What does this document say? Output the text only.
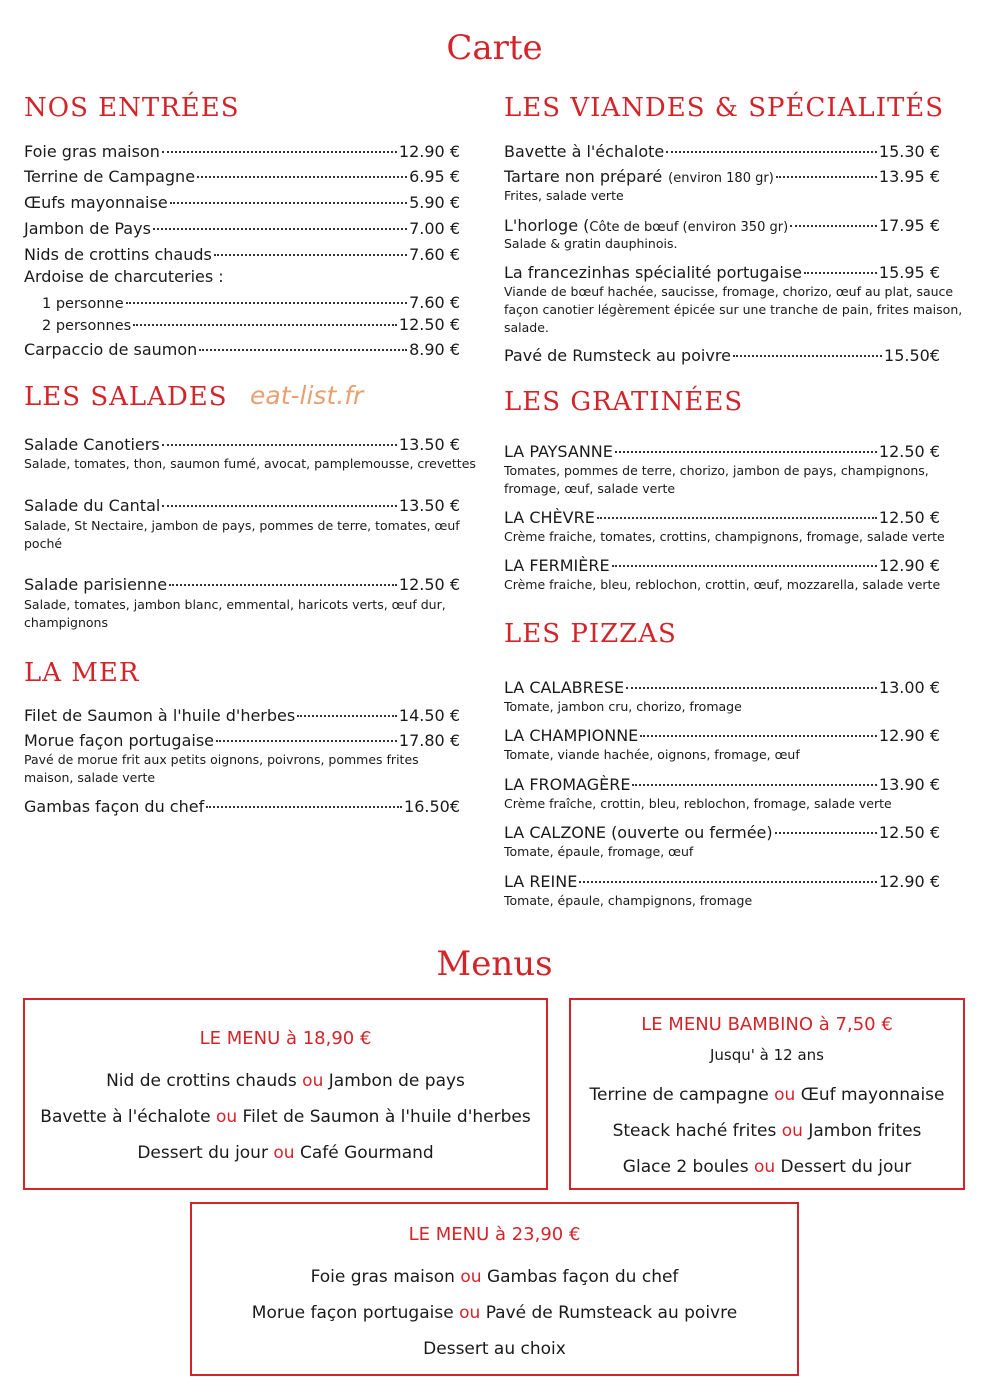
Carte
eat-list.fr
NOS ENTRÉES
Foie gras maison	12.90 €
Terrine de Campagne	6.95 €
Œufs mayonnaise	5.90 €
Jambon de Pays	7.00 €
Nids de crottins chauds	7.60 €
Ardoise de charcuteries :
1 personne	7.60 €
2 personnes	12.50 €
Carpaccio de saumon	8.90 €
LES SALADES
Salade Canotiers	13.50 €
Salade, tomates, thon, saumon fumé, avocat, pamplemousse, crevettes
Salade du Cantal	13.50 €
Salade, St Nectaire, jambon de pays, pommes de terre, tomates, œuf poché
Salade parisienne	12.50 €
Salade, tomates, jambon blanc, emmental, haricots verts, œuf dur, champignons
LA MER
Filet de Saumon à l'huile d'herbes	14.50 €
Morue façon portugaise	17.80 €
Pavé de morue frit aux petits oignons, poivrons, pommes frites maison, salade verte
Gambas façon du chef	16.50€
LES VIANDES & SPÉCIALITÉS
Bavette à l'échalote	15.30 €
Tartare non préparé (environ 180 gr)	13.95 €
Frites, salade verte
L'horloge ( Côte de bœuf (environ 350 gr)	17.95 €
Salade & gratin dauphinois.
La francezinhas spécialité portugaise	15.95 €
Viande de bœuf hachée, saucisse, fromage, chorizo, œuf au plat, sauce façon canotier légèrement épicée sur une tranche de pain, frites maison, salade.
Pavé de Rumsteck au poivre	15.50€
LES GRATINÉES
LA PAYSANNE	12.50 €
Tomates, pommes de terre, chorizo, jambon de pays, champignons, fromage, œuf, salade verte
LA CHÈVRE	12.50 €
Crème fraiche, tomates, crottins, champignons, fromage, salade verte
LA FERMIÈRE	12.90 €
Crème fraiche, bleu, reblochon, crottin, œuf, mozzarella, salade verte
LES PIZZAS
LA CALABRESE	13.00 €
Tomate, jambon cru, chorizo, fromage
LA CHAMPIONNE	12.90 €
Tomate, viande hachée, oignons, fromage, œuf
LA FROMAGÈRE	13.90 €
Crème fraîche, crottin, bleu, reblochon, fromage, salade verte
LA CALZONE (ouverte ou fermée)	12.50 €
Tomate, épaule, fromage, œuf
LA REINE	12.90 €
Tomate, épaule, champignons, fromage
Menus
LE MENU à 18,90 €
Nid de crottins chauds ou Jambon de pays
Bavette à l'échalote ou Filet de Saumon à l'huile d'herbes
Dessert du jour ou Café Gourmand
LE MENU BAMBINO à 7,50 €
Jusqu' à 12 ans
Terrine de campagne ou Œuf mayonnaise
Steack haché frites ou Jambon frites
Glace 2 boules ou Dessert du jour
LE MENU à 23,90 €
Foie gras maison ou Gambas façon du chef
Morue façon portugaise ou Pavé de Rumsteack au poivre
Dessert au choix
